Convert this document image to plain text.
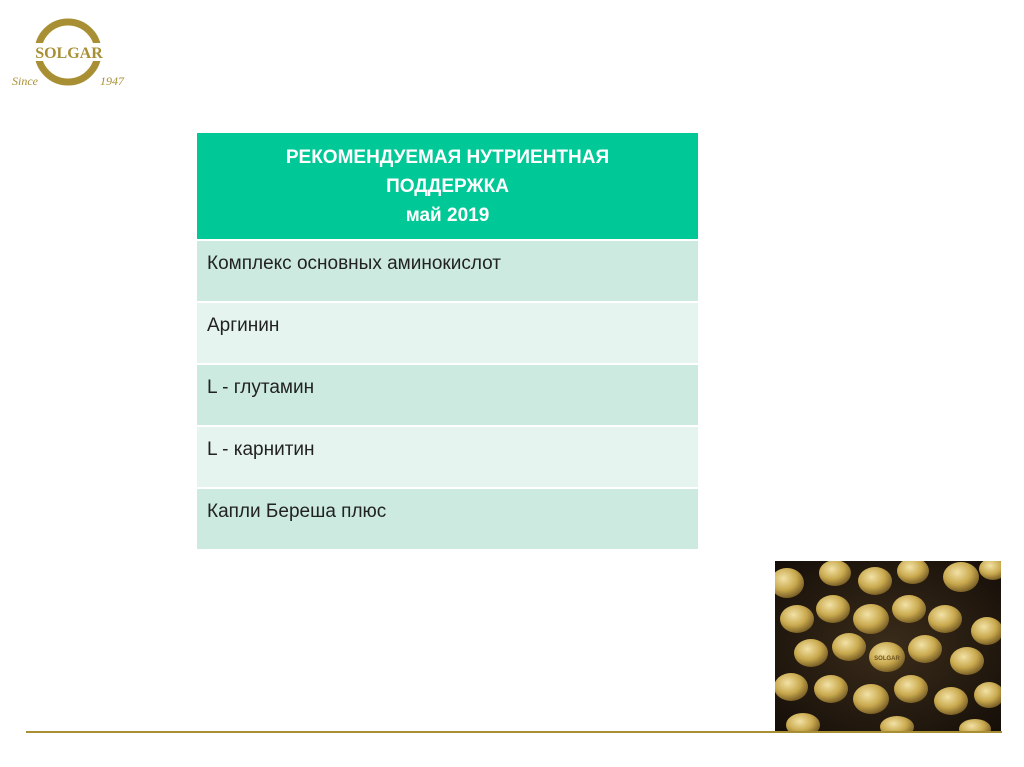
SOLGAR
Since	1947
РЕКОМЕНДУЕМАЯ НУТРИЕНТНАЯ
ПОДДЕРЖКА
май 2019

Комплекс основных аминокислот
Аргинин
L - глутамин
L - карнитин
Капли Береша плюс
SOLGAR
